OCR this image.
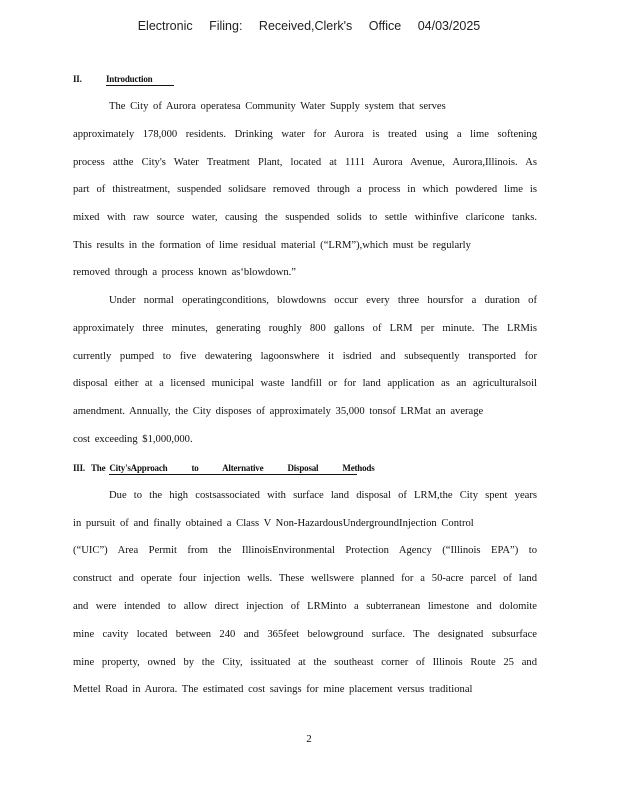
Electronic Filing: Received,Clerk's Office 04/03/2025
II.	Introduction
The City of Aurora operatesa Community Water Supply system that serves
approximately 178,000 residents. Drinking water for Aurora is treated using a lime softening
process atthe City's Water Treatment Plant, located at 1111 Aurora Avenue, Aurora,Illinois. As
part of thistreatment, suspended solidsare removed through a process in which powdered lime is
mixed with raw source water, causing the suspended solids to settle withinfive claricone tanks.
This results in the formation of lime residual material (“LRM”),which must be regularly
removed through a process known as‘blowdown.”
Under normal operatingconditions, blowdowns occur every three hoursfor a duration of
approximately three minutes, generating roughly 800 gallons of LRM per minute. The LRMis
currently pumped to five dewatering lagoonswhere it isdried and subsequently transported for
disposal either at a licensed municipal waste landfill or for land application as an agriculturalsoil
amendment. Annually, the City disposes of approximately 35,000 tonsof LRMat an average
cost exceeding $1,000,000.
III. The City'sApproach to Alternative Disposal Methods
Due to the high costsassociated with surface land disposal of LRM,the City spent years
in pursuit of and finally obtained a Class V Non-HazardousUndergroundInjection Control
(“UIC”) Area Permit from the IllinoisEnvironmental Protection Agency (“Illinois EPA”) to
construct and operate four injection wells. These wellswere planned for a 50-acre parcel of land
and were intended to allow direct injection of LRMinto a subterranean limestone and dolomite
mine cavity located between 240 and 365feet belowground surface. The designated subsurface
mine property, owned by the City, issituated at the southeast corner of Illinois Route 25 and
Mettel Road in Aurora. The estimated cost savings for mine placement versus traditional
2
